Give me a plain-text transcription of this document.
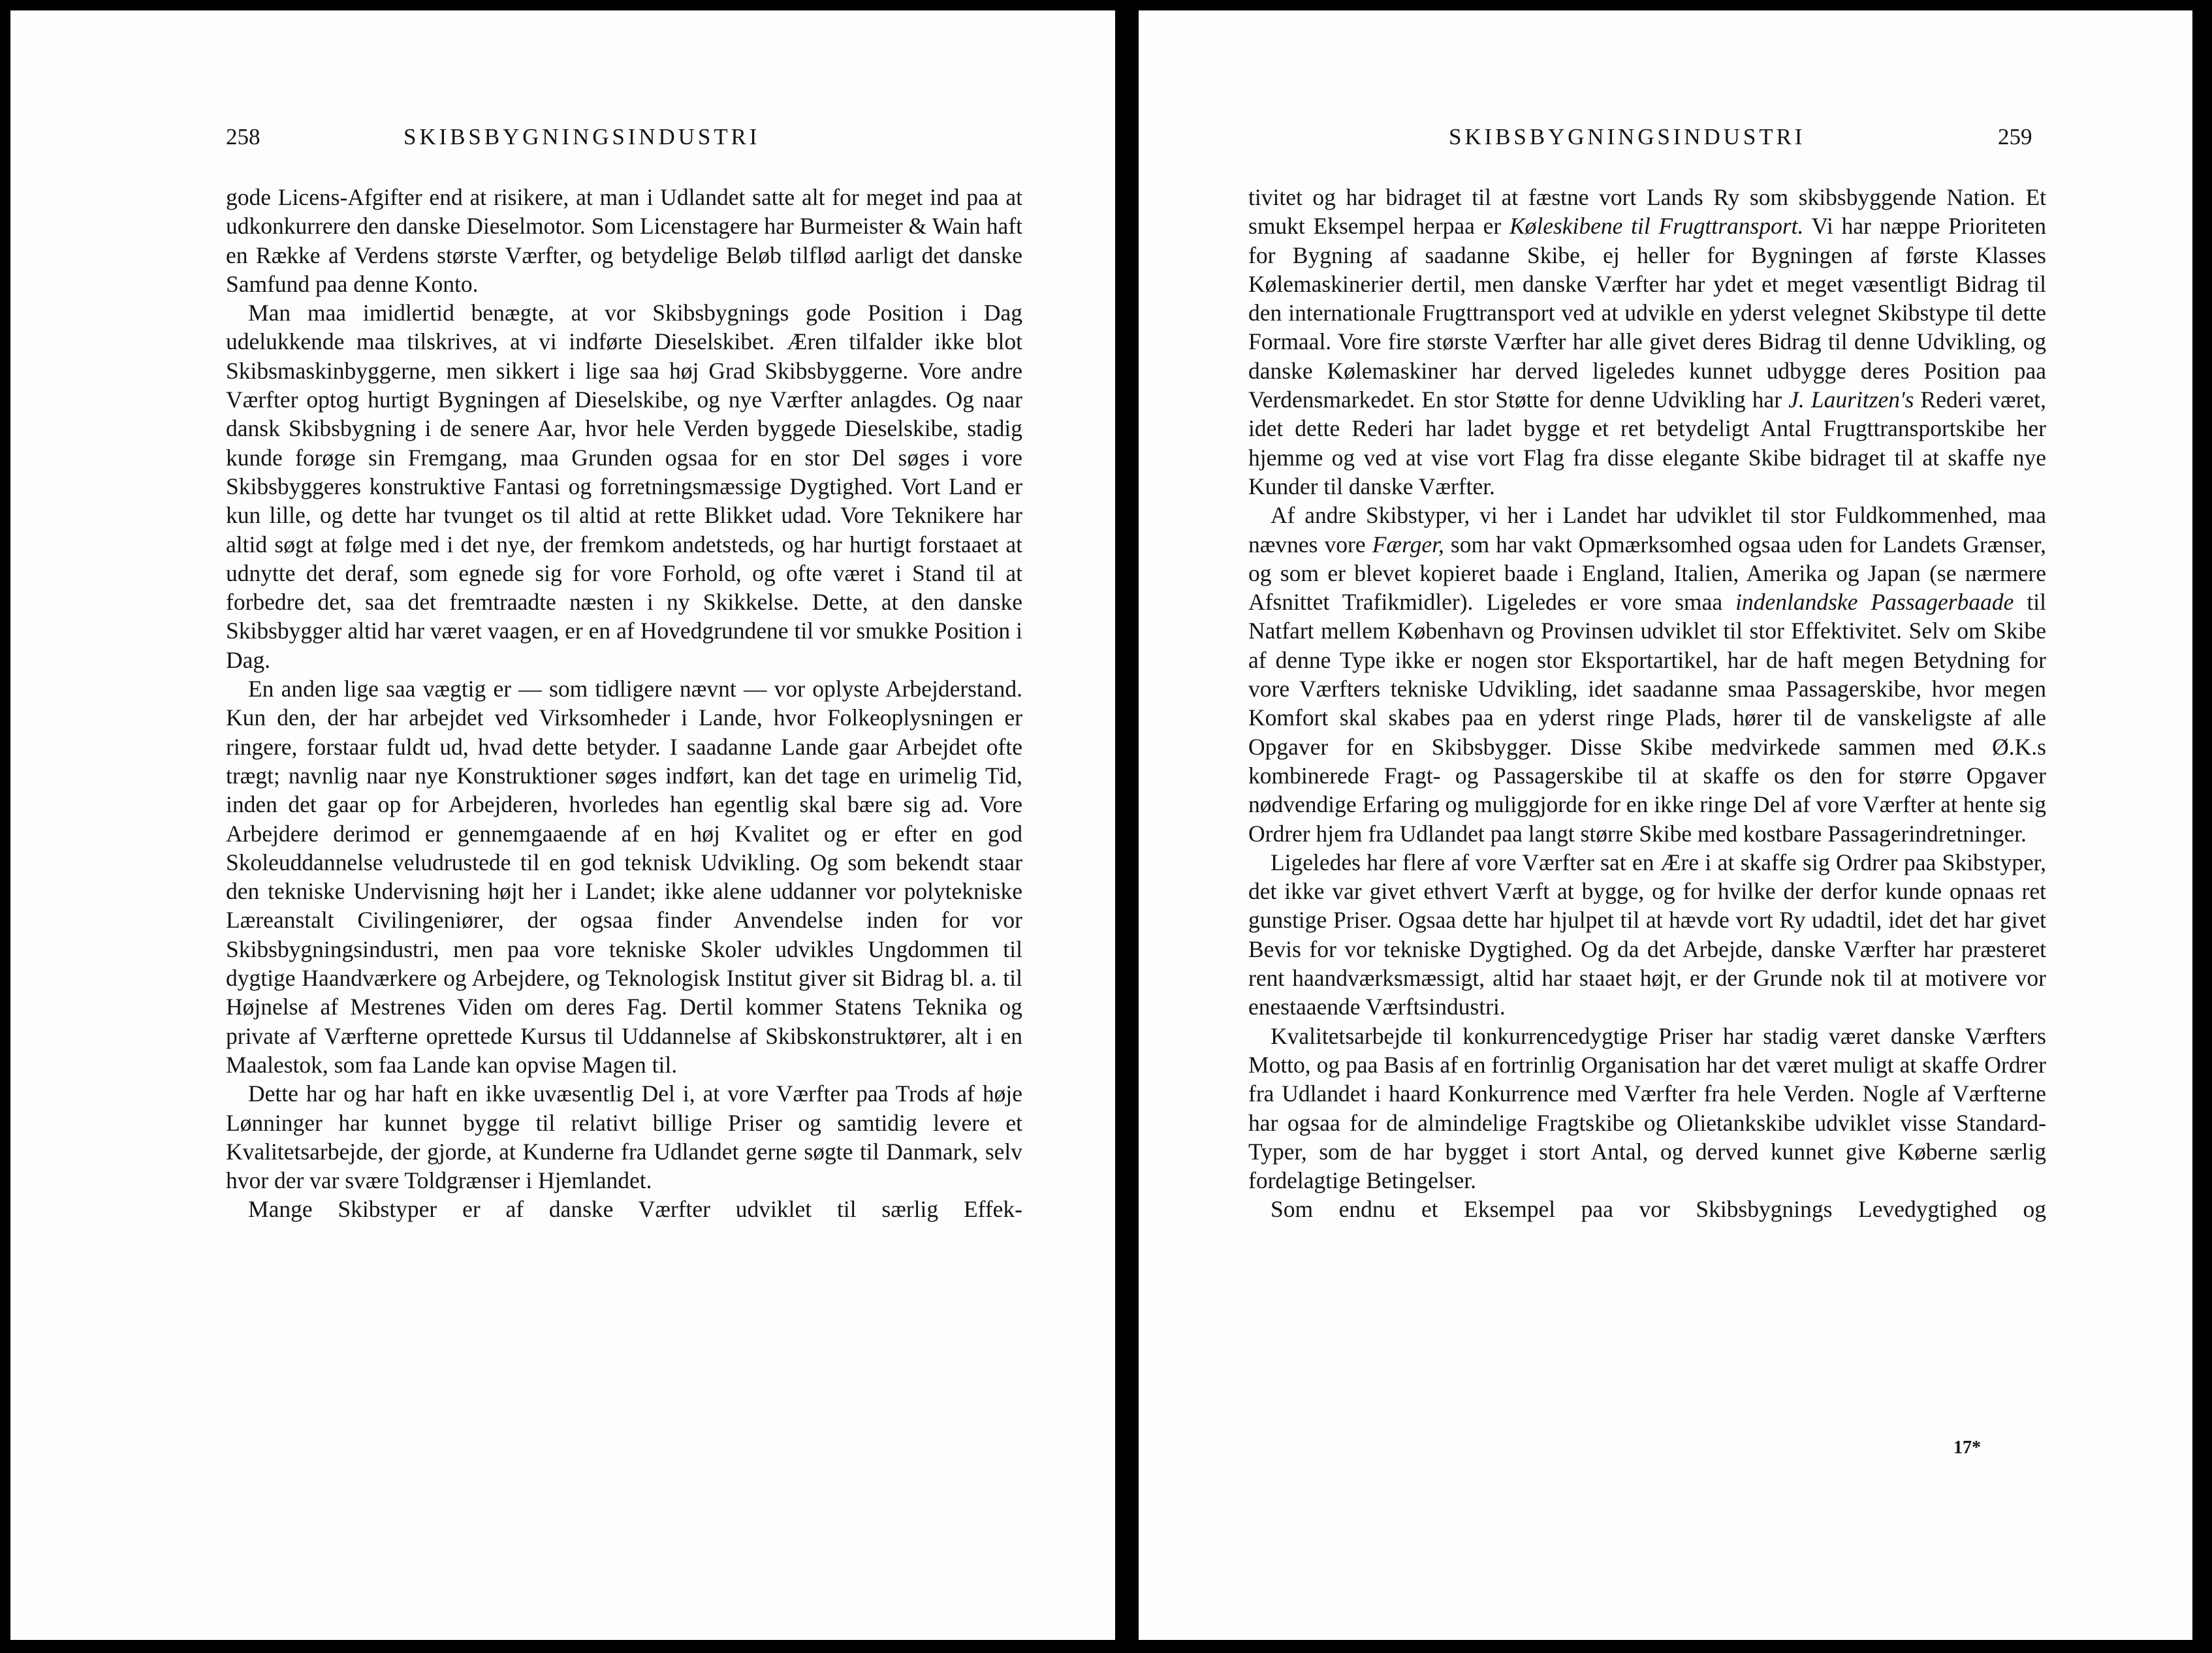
258	SKIBSBYGNINGSINDUSTRI

gode Licens-Afgifter end at risikere, at man i Udlandet satte alt for meget ind paa at udkonkurrere den danske Dieselmotor. Som Licenstagere har Burmeister & Wain haft en Række af Verdens største Værfter, og betydelige Beløb tilflød aarligt det danske Samfund paa denne Konto.

Man maa imidlertid benægte, at vor Skibsbygnings gode Position i Dag udelukkende maa tilskrives, at vi indførte Dieselskibet. Æren tilfalder ikke blot Skibsmaskinbyggerne, men sikkert i lige saa høj Grad Skibsbyggerne. Vore andre Værfter optog hurtigt Bygningen af Dieselskibe, og nye Værfter anlagdes. Og naar dansk Skibsbygning i de senere Aar, hvor hele Verden byggede Dieselskibe, stadig kunde forøge sin Fremgang, maa Grunden ogsaa for en stor Del søges i vore Skibsbyggeres konstruktive Fantasi og forretningsmæssige Dygtighed. Vort Land er kun lille, og dette har tvunget os til altid at rette Blikket udad. Vore Teknikere har altid søgt at følge med i det nye, der fremkom andetsteds, og har hurtigt forstaaet at udnytte det deraf, som egnede sig for vore Forhold, og ofte været i Stand til at forbedre det, saa det fremtraadte næsten i ny Skikkelse. Dette, at den danske Skibsbygger altid har været vaagen, er en af Hovedgrundene til vor smukke Position i Dag.

En anden lige saa vægtig er — som tidligere nævnt — vor oplyste Arbejderstand. Kun den, der har arbejdet ved Virksomheder i Lande, hvor Folkeoplysningen er ringere, forstaar fuldt ud, hvad dette betyder. I saadanne Lande gaar Arbejdet ofte trægt; navnlig naar nye Konstruktioner søges indført, kan det tage en urimelig Tid, inden det gaar op for Arbejderen, hvorledes han egentlig skal bære sig ad. Vore Arbejdere derimod er gennemgaaende af en høj Kvalitet og er efter en god Skoleuddannelse veludrustede til en god teknisk Udvikling. Og som bekendt staar den tekniske Undervisning højt her i Landet; ikke alene uddanner vor polytekniske Læreanstalt Civilingeniører, der ogsaa finder Anvendelse inden for vor Skibsbygningsindustri, men paa vore tekniske Skoler udvikles Ungdommen til dygtige Haandværkere og Arbejdere, og Teknologisk Institut giver sit Bidrag bl. a. til Højnelse af Mestrenes Viden om deres Fag. Dertil kommer Statens Teknika og private af Værfterne oprettede Kursus til Uddannelse af Skibskonstruktører, alt i en Maalestok, som faa Lande kan opvise Magen til.

Dette har og har haft en ikke uvæsentlig Del i, at vore Værfter paa Trods af høje Lønninger har kunnet bygge til relativt billige Priser og samtidig levere et Kvalitetsarbejde, der gjorde, at Kunderne fra Udlandet gerne søgte til Danmark, selv hvor der var svære Toldgrænser i Hjemlandet.

Mange Skibstyper er af danske Værfter udviklet til særlig Effek-

SKIBSBYGNINGSINDUSTRI	259

tivitet og har bidraget til at fæstne vort Lands Ry som skibsbyggende Nation. Et smukt Eksempel herpaa er Køleskibene til Frugttransport. Vi har næppe Prioriteten for Bygning af saadanne Skibe, ej heller for Bygningen af første Klasses Kølemaskinerier dertil, men danske Værfter har ydet et meget væsentligt Bidrag til den internationale Frugttransport ved at udvikle en yderst velegnet Skibstype til dette Formaal. Vore fire største Værfter har alle givet deres Bidrag til denne Udvikling, og danske Kølemaskiner har derved ligeledes kunnet udbygge deres Position paa Verdensmarkedet. En stor Støtte for denne Udvikling har J. Lauritzen's Rederi været, idet dette Rederi har ladet bygge et ret betydeligt Antal Frugttransportskibe her hjemme og ved at vise vort Flag fra disse elegante Skibe bidraget til at skaffe nye Kunder til danske Værfter.

Af andre Skibstyper, vi her i Landet har udviklet til stor Fuldkommenhed, maa nævnes vore Færger, som har vakt Opmærksomhed ogsaa uden for Landets Grænser, og som er blevet kopieret baade i England, Italien, Amerika og Japan (se nærmere Afsnittet Trafikmidler). Ligeledes er vore smaa indenlandske Passagerbaade til Natfart mellem København og Provinsen udviklet til stor Effektivitet. Selv om Skibe af denne Type ikke er nogen stor Eksportartikel, har de haft megen Betydning for vore Værfters tekniske Udvikling, idet saadanne smaa Passagerskibe, hvor megen Komfort skal skabes paa en yderst ringe Plads, hører til de vanskeligste af alle Opgaver for en Skibsbygger. Disse Skibe medvirkede sammen med Ø.K.s kombinerede Fragt- og Passagerskibe til at skaffe os den for større Opgaver nødvendige Erfaring og muliggjorde for en ikke ringe Del af vore Værfter at hente sig Ordrer hjem fra Udlandet paa langt større Skibe med kostbare Passagerindretninger.

Ligeledes har flere af vore Værfter sat en Ære i at skaffe sig Ordrer paa Skibstyper, det ikke var givet ethvert Værft at bygge, og for hvilke der derfor kunde opnaas ret gunstige Priser. Ogsaa dette har hjulpet til at hævde vort Ry udadtil, idet det har givet Bevis for vor tekniske Dygtighed. Og da det Arbejde, danske Værfter har præsteret rent haandværksmæssigt, altid har staaet højt, er der Grunde nok til at motivere vor enestaaende Værftsindustri.

Kvalitetsarbejde til konkurrencedygtige Priser har stadig været danske Værfters Motto, og paa Basis af en fortrinlig Organisation har det været muligt at skaffe Ordrer fra Udlandet i haard Konkurrence med Værfter fra hele Verden. Nogle af Værfterne har ogsaa for de almindelige Fragtskibe og Olietankskibe udviklet visse Standard-Typer, som de har bygget i stort Antal, og derved kunnet give Køberne særlig fordelagtige Betingelser.

Som endnu et Eksempel paa vor Skibsbygnings Levedygtighed og

17*
